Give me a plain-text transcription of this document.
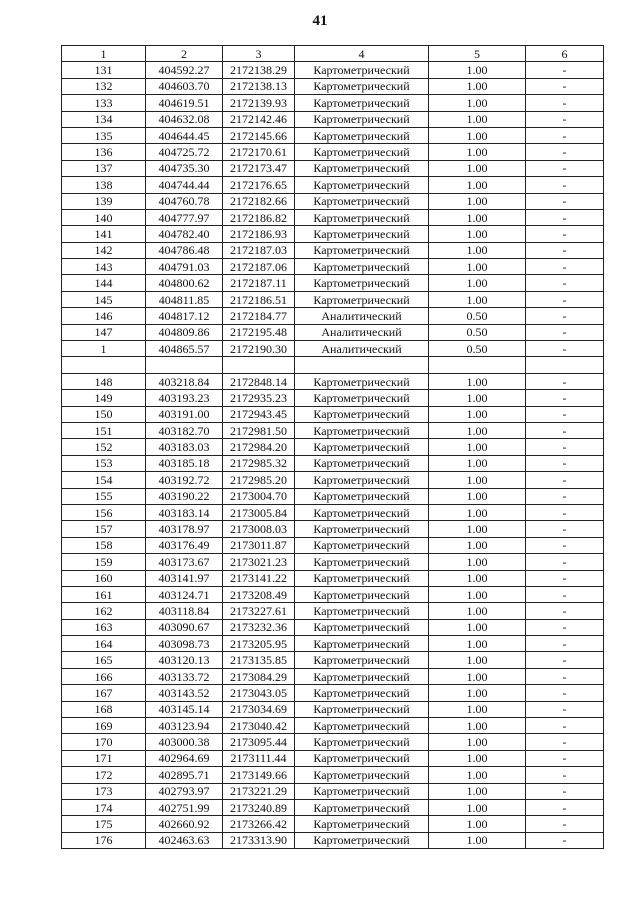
41
1	2	3	4	5	6
131	404592.27	2172138.29	Картометрический	1.00	-
132	404603.70	2172138.13	Картометрический	1.00	-
133	404619.51	2172139.93	Картометрический	1.00	-
134	404632.08	2172142.46	Картометрический	1.00	-
135	404644.45	2172145.66	Картометрический	1.00	-
136	404725.72	2172170.61	Картометрический	1.00	-
137	404735.30	2172173.47	Картометрический	1.00	-
138	404744.44	2172176.65	Картометрический	1.00	-
139	404760.78	2172182.66	Картометрический	1.00	-
140	404777.97	2172186.82	Картометрический	1.00	-
141	404782.40	2172186.93	Картометрический	1.00	-
142	404786.48	2172187.03	Картометрический	1.00	-
143	404791.03	2172187.06	Картометрический	1.00	-
144	404800.62	2172187.11	Картометрический	1.00	-
145	404811.85	2172186.51	Картометрический	1.00	-
146	404817.12	2172184.77	Аналитический	0.50	-
147	404809.86	2172195.48	Аналитический	0.50	-
1	404865.57	2172190.30	Аналитический	0.50	-

148	403218.84	2172848.14	Картометрический	1.00	-
149	403193.23	2172935.23	Картометрический	1.00	-
150	403191.00	2172943.45	Картометрический	1.00	-
151	403182.70	2172981.50	Картометрический	1.00	-
152	403183.03	2172984.20	Картометрический	1.00	-
153	403185.18	2172985.32	Картометрический	1.00	-
154	403192.72	2172985.20	Картометрический	1.00	-
155	403190.22	2173004.70	Картометрический	1.00	-
156	403183.14	2173005.84	Картометрический	1.00	-
157	403178.97	2173008.03	Картометрический	1.00	-
158	403176.49	2173011.87	Картометрический	1.00	-
159	403173.67	2173021.23	Картометрический	1.00	-
160	403141.97	2173141.22	Картометрический	1.00	-
161	403124.71	2173208.49	Картометрический	1.00	-
162	403118.84	2173227.61	Картометрический	1.00	-
163	403090.67	2173232.36	Картометрический	1.00	-
164	403098.73	2173205.95	Картометрический	1.00	-
165	403120.13	2173135.85	Картометрический	1.00	-
166	403133.72	2173084.29	Картометрический	1.00	-
167	403143.52	2173043.05	Картометрический	1.00	-
168	403145.14	2173034.69	Картометрический	1.00	-
169	403123.94	2173040.42	Картометрический	1.00	-
170	403000.38	2173095.44	Картометрический	1.00	-
171	402964.69	2173111.44	Картометрический	1.00	-
172	402895.71	2173149.66	Картометрический	1.00	-
173	402793.97	2173221.29	Картометрический	1.00	-
174	402751.99	2173240.89	Картометрический	1.00	-
175	402660.92	2173266.42	Картометрический	1.00	-
176	402463.63	2173313.90	Картометрический	1.00	-
